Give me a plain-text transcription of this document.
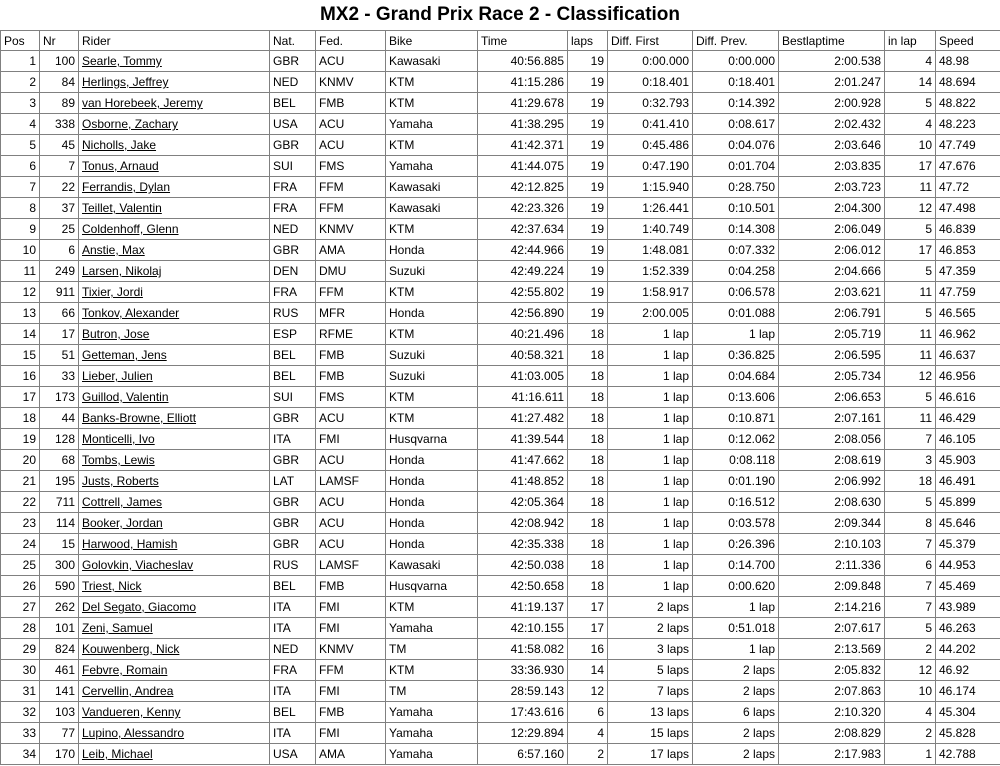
MX2 - Grand Prix Race 2 - Classification
Pos	Nr	Rider	Nat.	Fed.	Bike	Time	laps	Diff. First	Diff. Prev.	Bestlaptime	in lap	Speed
1	100	Searle, Tommy	GBR	ACU	Kawasaki	40:56.885	19	0:00.000	0:00.000	2:00.538	4	48.98
2	84	Herlings, Jeffrey	NED	KNMV	KTM	41:15.286	19	0:18.401	0:18.401	2:01.247	14	48.694
3	89	van Horebeek, Jeremy	BEL	FMB	KTM	41:29.678	19	0:32.793	0:14.392	2:00.928	5	48.822
4	338	Osborne, Zachary	USA	ACU	Yamaha	41:38.295	19	0:41.410	0:08.617	2:02.432	4	48.223
5	45	Nicholls, Jake	GBR	ACU	KTM	41:42.371	19	0:45.486	0:04.076	2:03.646	10	47.749
6	7	Tonus, Arnaud	SUI	FMS	Yamaha	41:44.075	19	0:47.190	0:01.704	2:03.835	17	47.676
7	22	Ferrandis, Dylan	FRA	FFM	Kawasaki	42:12.825	19	1:15.940	0:28.750	2:03.723	11	47.72
8	37	Teillet, Valentin	FRA	FFM	Kawasaki	42:23.326	19	1:26.441	0:10.501	2:04.300	12	47.498
9	25	Coldenhoff, Glenn	NED	KNMV	KTM	42:37.634	19	1:40.749	0:14.308	2:06.049	5	46.839
10	6	Anstie, Max	GBR	AMA	Honda	42:44.966	19	1:48.081	0:07.332	2:06.012	17	46.853
11	249	Larsen, Nikolaj	DEN	DMU	Suzuki	42:49.224	19	1:52.339	0:04.258	2:04.666	5	47.359
12	911	Tixier, Jordi	FRA	FFM	KTM	42:55.802	19	1:58.917	0:06.578	2:03.621	11	47.759
13	66	Tonkov, Alexander	RUS	MFR	Honda	42:56.890	19	2:00.005	0:01.088	2:06.791	5	46.565
14	17	Butron, Jose	ESP	RFME	KTM	40:21.496	18	1 lap	1 lap	2:05.719	11	46.962
15	51	Getteman, Jens	BEL	FMB	Suzuki	40:58.321	18	1 lap	0:36.825	2:06.595	11	46.637
16	33	Lieber, Julien	BEL	FMB	Suzuki	41:03.005	18	1 lap	0:04.684	2:05.734	12	46.956
17	173	Guillod, Valentin	SUI	FMS	KTM	41:16.611	18	1 lap	0:13.606	2:06.653	5	46.616
18	44	Banks-Browne, Elliott	GBR	ACU	KTM	41:27.482	18	1 lap	0:10.871	2:07.161	11	46.429
19	128	Monticelli, Ivo	ITA	FMI	Husqvarna	41:39.544	18	1 lap	0:12.062	2:08.056	7	46.105
20	68	Tombs, Lewis	GBR	ACU	Honda	41:47.662	18	1 lap	0:08.118	2:08.619	3	45.903
21	195	Justs, Roberts	LAT	LAMSF	Honda	41:48.852	18	1 lap	0:01.190	2:06.992	18	46.491
22	711	Cottrell, James	GBR	ACU	Honda	42:05.364	18	1 lap	0:16.512	2:08.630	5	45.899
23	114	Booker, Jordan	GBR	ACU	Honda	42:08.942	18	1 lap	0:03.578	2:09.344	8	45.646
24	15	Harwood, Hamish	GBR	ACU	Honda	42:35.338	18	1 lap	0:26.396	2:10.103	7	45.379
25	300	Golovkin, Viacheslav	RUS	LAMSF	Kawasaki	42:50.038	18	1 lap	0:14.700	2:11.336	6	44.953
26	590	Triest, Nick	BEL	FMB	Husqvarna	42:50.658	18	1 lap	0:00.620	2:09.848	7	45.469
27	262	Del Segato, Giacomo	ITA	FMI	KTM	41:19.137	17	2 laps	1 lap	2:14.216	7	43.989
28	101	Zeni, Samuel	ITA	FMI	Yamaha	42:10.155	17	2 laps	0:51.018	2:07.617	5	46.263
29	824	Kouwenberg, Nick	NED	KNMV	TM	41:58.082	16	3 laps	1 lap	2:13.569	2	44.202
30	461	Febvre, Romain	FRA	FFM	KTM	33:36.930	14	5 laps	2 laps	2:05.832	12	46.92
31	141	Cervellin, Andrea	ITA	FMI	TM	28:59.143	12	7 laps	2 laps	2:07.863	10	46.174
32	103	Vandueren, Kenny	BEL	FMB	Yamaha	17:43.616	6	13 laps	6 laps	2:10.320	4	45.304
33	77	Lupino, Alessandro	ITA	FMI	Yamaha	12:29.894	4	15 laps	2 laps	2:08.829	2	45.828
34	170	Leib, Michael	USA	AMA	Yamaha	6:57.160	2	17 laps	2 laps	2:17.983	1	42.788
